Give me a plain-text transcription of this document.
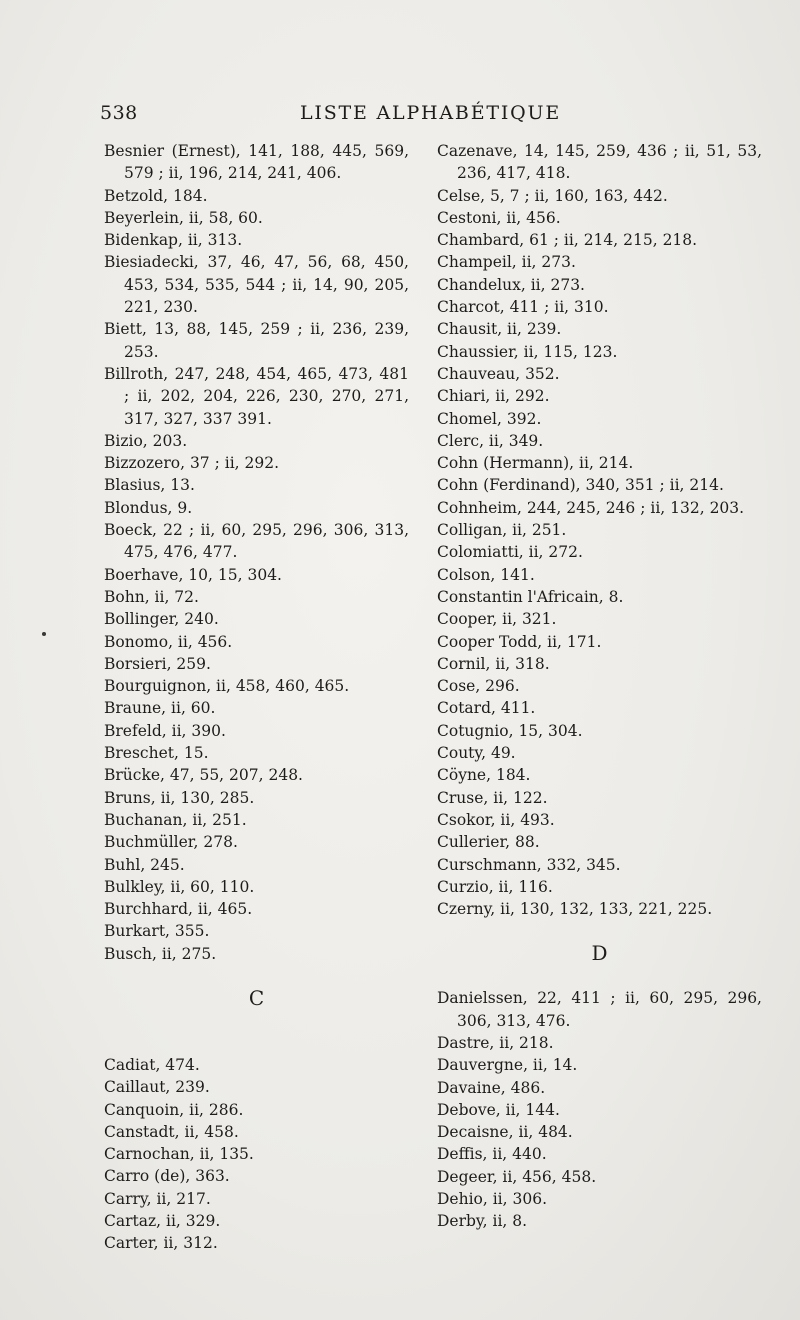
538	LISTE ALPHABÉTIQUE
Besnier (Ernest), 141, 188, 445, 569, 579 ; ii, 196, 214, 241, 406.
Betzold, 184.
Beyerlein, ii, 58, 60.
Bidenkap, ii, 313.
Biesiadecki, 37, 46, 47, 56, 68, 450, 453, 534, 535, 544 ; ii, 14, 90, 205, 221, 230.
Biett, 13, 88, 145, 259 ; ii, 236, 239, 253.
Billroth, 247, 248, 454, 465, 473, 481 ; ii, 202, 204, 226, 230, 270, 271, 317, 327, 337 391.
Bizio, 203.
Bizzozero, 37 ; ii, 292.
Blasius, 13.
Blondus, 9.
Boeck, 22 ; ii, 60, 295, 296, 306, 313, 475, 476, 477.
Boerhave, 10, 15, 304.
Bohn, ii, 72.
Bollinger, 240.
Bonomo, ii, 456.
Borsieri, 259.
Bourguignon, ii, 458, 460, 465.
Braune, ii, 60.
Brefeld, ii, 390.
Breschet, 15.
Brücke, 47, 55, 207, 248.
Bruns, ii, 130, 285.
Buchanan, ii, 251.
Buchmüller, 278.
Buhl, 245.
Bulkley, ii, 60, 110.
Burchhard, ii, 465.
Burkart, 355.
Busch, ii, 275.
C
Cadiat, 474.
Caillaut, 239.
Canquoin, ii, 286.
Canstadt, ii, 458.
Carnochan, ii, 135.
Carro (de), 363.
Carry, ii, 217.
Cartaz, ii, 329.
Carter, ii, 312.
Cazenave, 14, 145, 259, 436 ; ii, 51, 53, 236, 417, 418.
Celse, 5, 7 ; ii, 160, 163, 442.
Cestoni, ii, 456.
Chambard, 61 ; ii, 214, 215, 218.
Champeil, ii, 273.
Chandelux, ii, 273.
Charcot, 411 ; ii, 310.
Chausit, ii, 239.
Chaussier, ii, 115, 123.
Chauveau, 352.
Chiari, ii, 292.
Chomel, 392.
Clerc, ii, 349.
Cohn (Hermann), ii, 214.
Cohn (Ferdinand), 340, 351 ; ii, 214.
Cohnheim, 244, 245, 246 ; ii, 132, 203.
Colligan, ii, 251.
Colomiatti, ii, 272.
Colson, 141.
Constantin l'Africain, 8.
Cooper, ii, 321.
Cooper Todd, ii, 171.
Cornil, ii, 318.
Cose, 296.
Cotard, 411.
Cotugnio, 15, 304.
Couty, 49.
Cöyne, 184.
Cruse, ii, 122.
Csokor, ii, 493.
Cullerier, 88.
Curschmann, 332, 345.
Curzio, ii, 116.
Czerny, ii, 130, 132, 133, 221, 225.
D
Danielssen, 22, 411 ; ii, 60, 295, 296, 306, 313, 476.
Dastre, ii, 218.
Dauvergne, ii, 14.
Davaine, 486.
Debove, ii, 144.
Decaisne, ii, 484.
Deffis, ii, 440.
Degeer, ii, 456, 458.
Dehio, ii, 306.
Derby, ii, 8.
